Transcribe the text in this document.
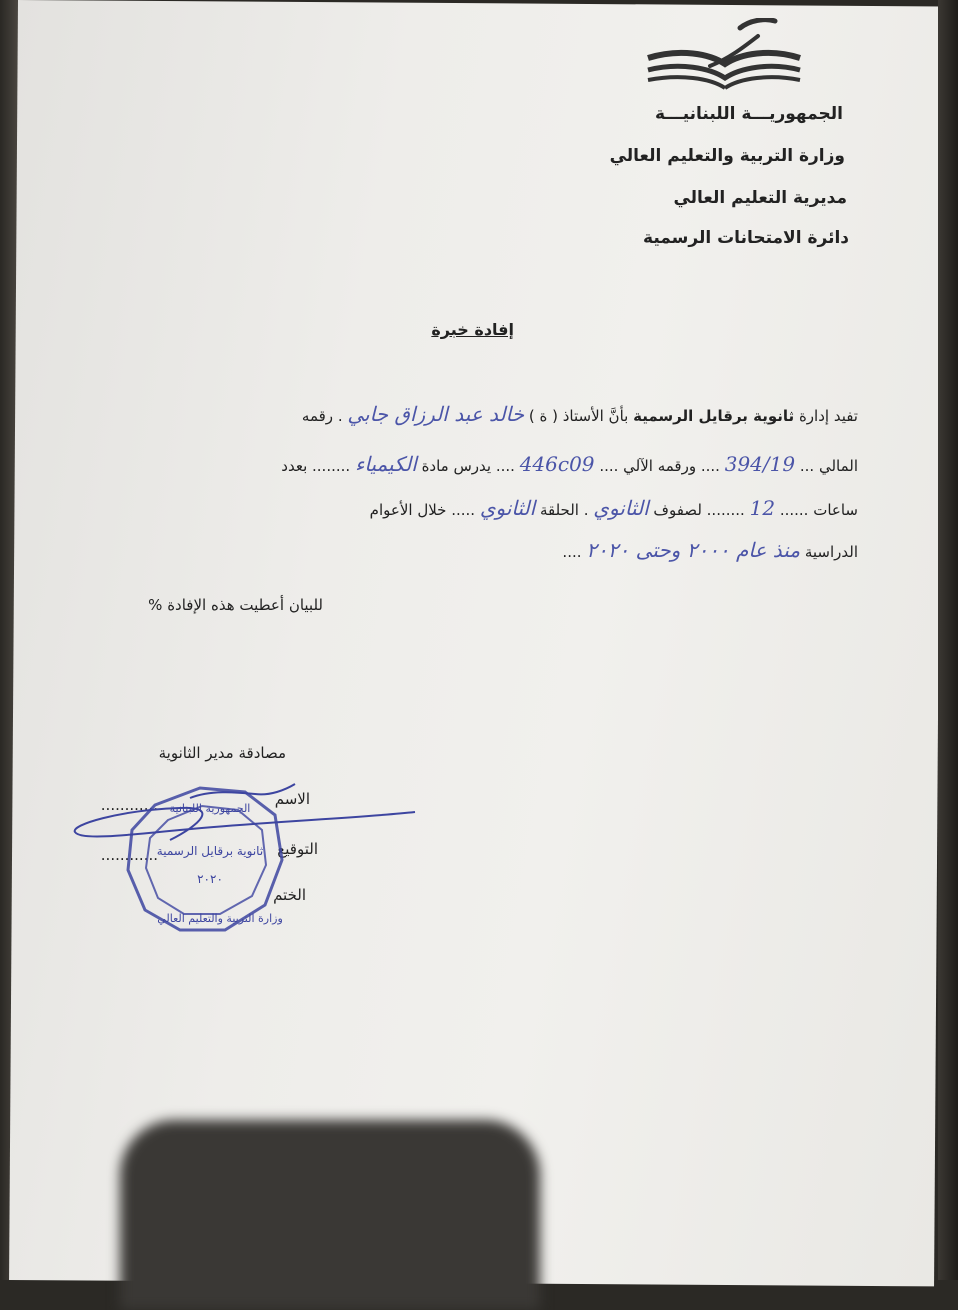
الجمهوريـــة اللبنانيـــة
وزارة التربية والتعليم العالي
مديرية التعليم العالي
دائرة الامتحانات الرسمية
إفادة خبرة
تفيد إدارة ثانوية برقايل الرسمية بأنَّ الأستاذ ( ة ) خالد عبد الرزاق جابي . رقمه
المالي ... 394/19 .... ورقمه الآلي .... 446c09 .... يدرس مادة الكيمياء ........ بعدد
ساعات ...... 12 ........ لصفوف الثانوي . الحلقة الثانوي ..... خلال الأعوام
الدراسية منذ عام ٢٠٠٠ وحتى ٢٠٢٠ ....
للبيان أعطيت هذه الإفادة %
مصادقة مدير الثانوية
الاسم
............
التوقيع
............
الختم
الجمهورية اللبنانية
ثانوية برقايل الرسمية
٢٠٢٠
وزارة التربية والتعليم العالي
